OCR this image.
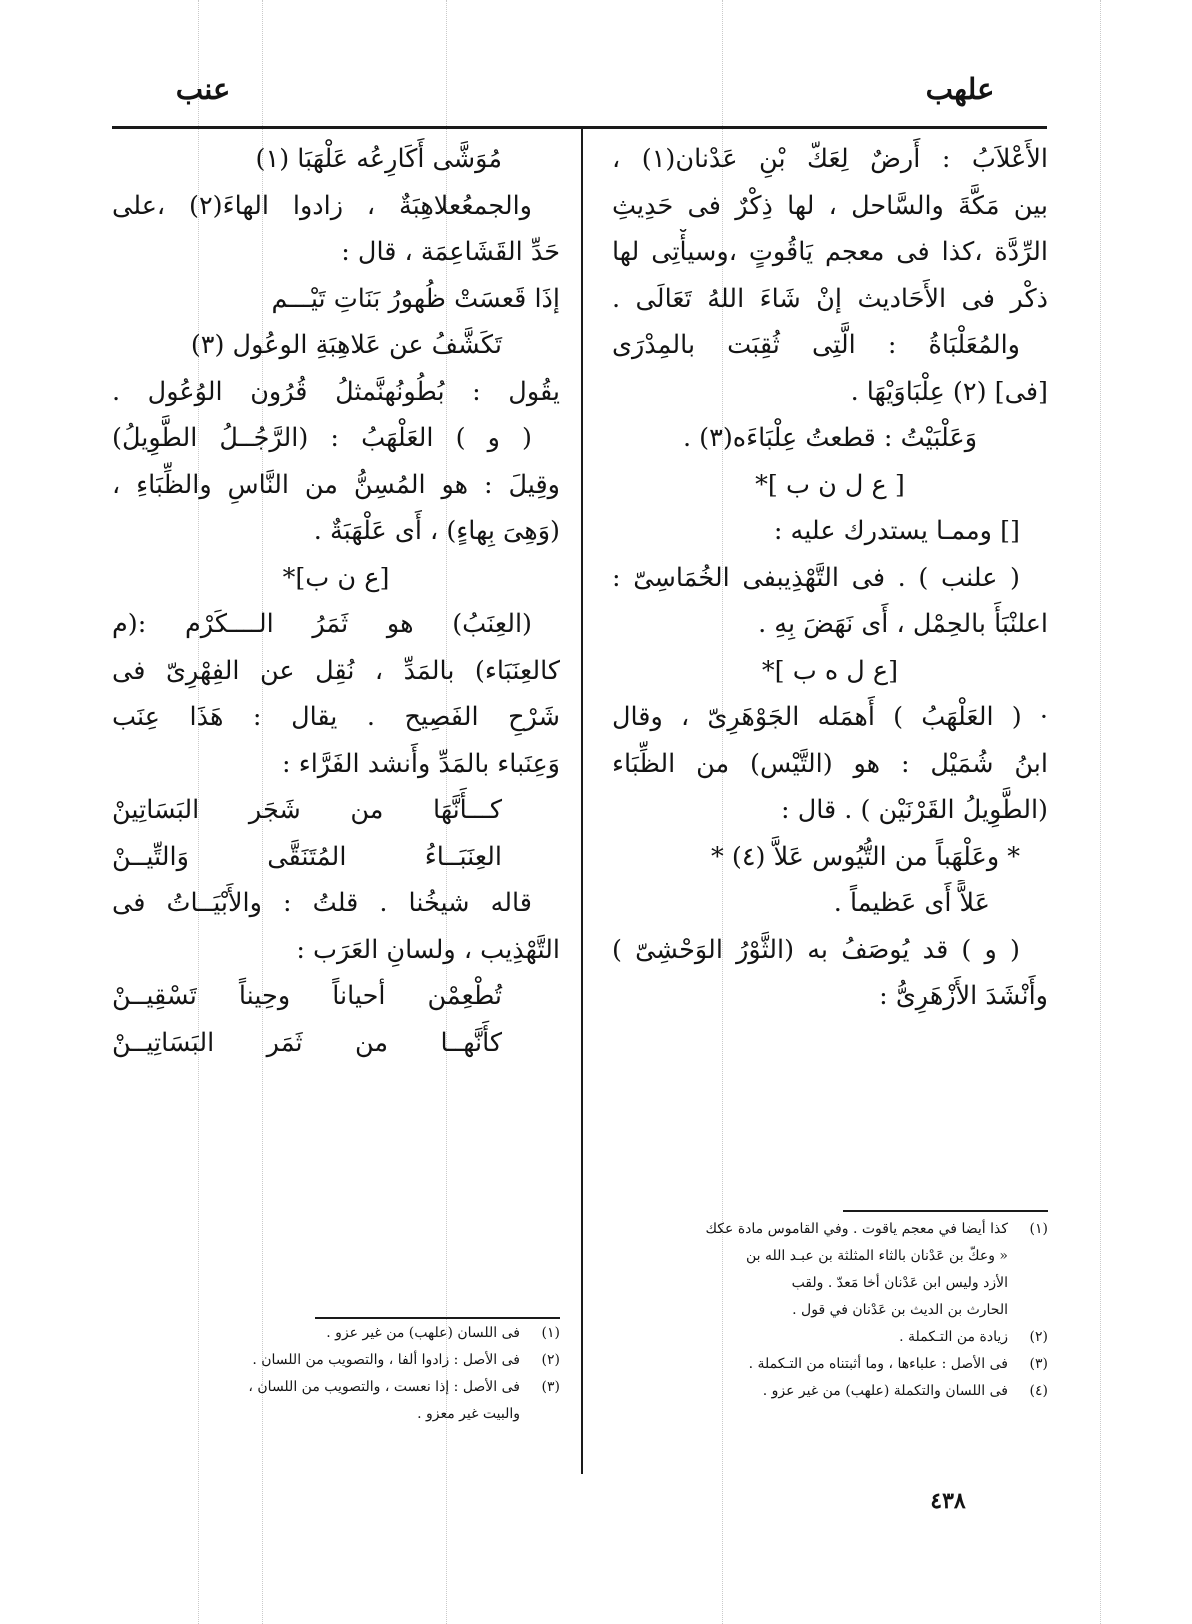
علهب
عنب
الأَعْلاَبُ : أَرضٌ لِعَكّ بْنِ عَدْنان(١) ،
بين مَكَّةَ والسَّاحل ، لها ذِكْرٌ فى حَدِيثِ
الرِّدَّة ،كذا فى معجم يَاقُوتٍ ،وسيأْتِى لها
ذكْر فى الأَحَاديث إنْ شَاءَ اللهُ تَعَالَى .
والمُعَلْبَاةُ : الَّتِى ثُقِبَت بالمِدْرَى
[فى] (٢) عِلْبَاوَيْهَا .
وَعَلْبَيْتُ : قطعتُ عِلْبَاءَه(٣) .
[ ع ل ن ب ]*
[] وممـا يستدرك عليه :
( علنب ) . فى التَّهْذِيبفى الخُمَاسِىّ :
اعلنْبَأَ بالحِمْل ، أَى نَهَضَ بِهِ .
[ع ل ه ب ]*
· ( العَلْهَبُ ) أَهمَله الجَوْهَرِىّ ، وقال
ابنُ شُمَيْل : هو (التَّيْس) من الظِّبَاء
(الطَّوِيلُ القَرْنَيْن ) . قال :
* وعَلْهَباً من التُّيُوس عَلاَّ (٤) *
عَلاًّ أَى عَظيماً .
( و ) قد يُوصَفُ به (الثَّوْرُ الوَحْشِىّ )
وأَنْشَدَ الأَزْهَرِىُّ :
مُوَشَّى أَكَارِعُه عَلْهَبَا (١)
والجمعُعلاهِبَةٌ ، زادوا الهاءَ(٢) ،على
حَدِّ القَشَاعِمَة ، قال :
إذَا قَعسَتْ ظُهورُ بَنَاتِ تَيْـــم
تَكَشَّفُ عن عَلاهِبَةِ الوعُول (٣)
يقُول : بُطُونُهنَّمثلُ قُرُون الوُعُول .
( و ) العَلْهَبُ : (الرَّجُــلُ الطَّوِيلُ)
وقِيلَ : هو المُسِنُّ من النَّاسِ والظِّبَاءِ ،
(وَهِىَ بِهاءٍ) ، أَى عَلْهَبَةٌ .
[ع ن ب]*
(العِنَبُ) هو ثَمَرُ الــــكَرْم :(م
كالعِنَبَاء) بالمَدِّ ، نُقِل عن الفِهْرِىّ فى
شَرْحِ الفَصِيح . يقال : هَذَا عِنَب
وَعِنَباء بالمَدِّ وأَنشد الفَرَّاء :
كـــأَنَّهَا من شَجَر البَسَاتِينْ
العِنَبَــاءُ المُتَنَقَّى وَالتِّيــنْ
قاله شيخُنا . قلتُ : والأَبْيَــاتُ فى
التَّهْذِيب ، ولسانِ العَرَب :
تُطْعِمْن أحياناً وحِيناً تَسْقِيــنْ
كأَنَّهــا من ثَمَر البَسَاتِيــنْ
(١)
كذا أيضا في معجم ياقوت . وفي القاموس مادة عكك
« وعكّ بن عَدْنان بالثاء المثلثة بن عبـد الله بن
الأزد وليس ابن عَدْنان أخا مَعدّ . ولقب
الحارث بن الديث بن عَدْنان في قول .
(٢)
زيادة من التـكملة .
(٣)
فى الأصل : علباءها ، وما أثبتناه من التـكملة .
(٤)
فى اللسان والتكملة (علهب) من غير عزو .
(١)
فى اللسان (علهب) من غير عزو .
(٢)
فى الأصل : زادوا ألفا ، والتصويب من اللسان .
(٣)
فى الأصل : إذا نعست ، والتصويب من اللسان ،
والبيت غير معزو .
٤٣٨
